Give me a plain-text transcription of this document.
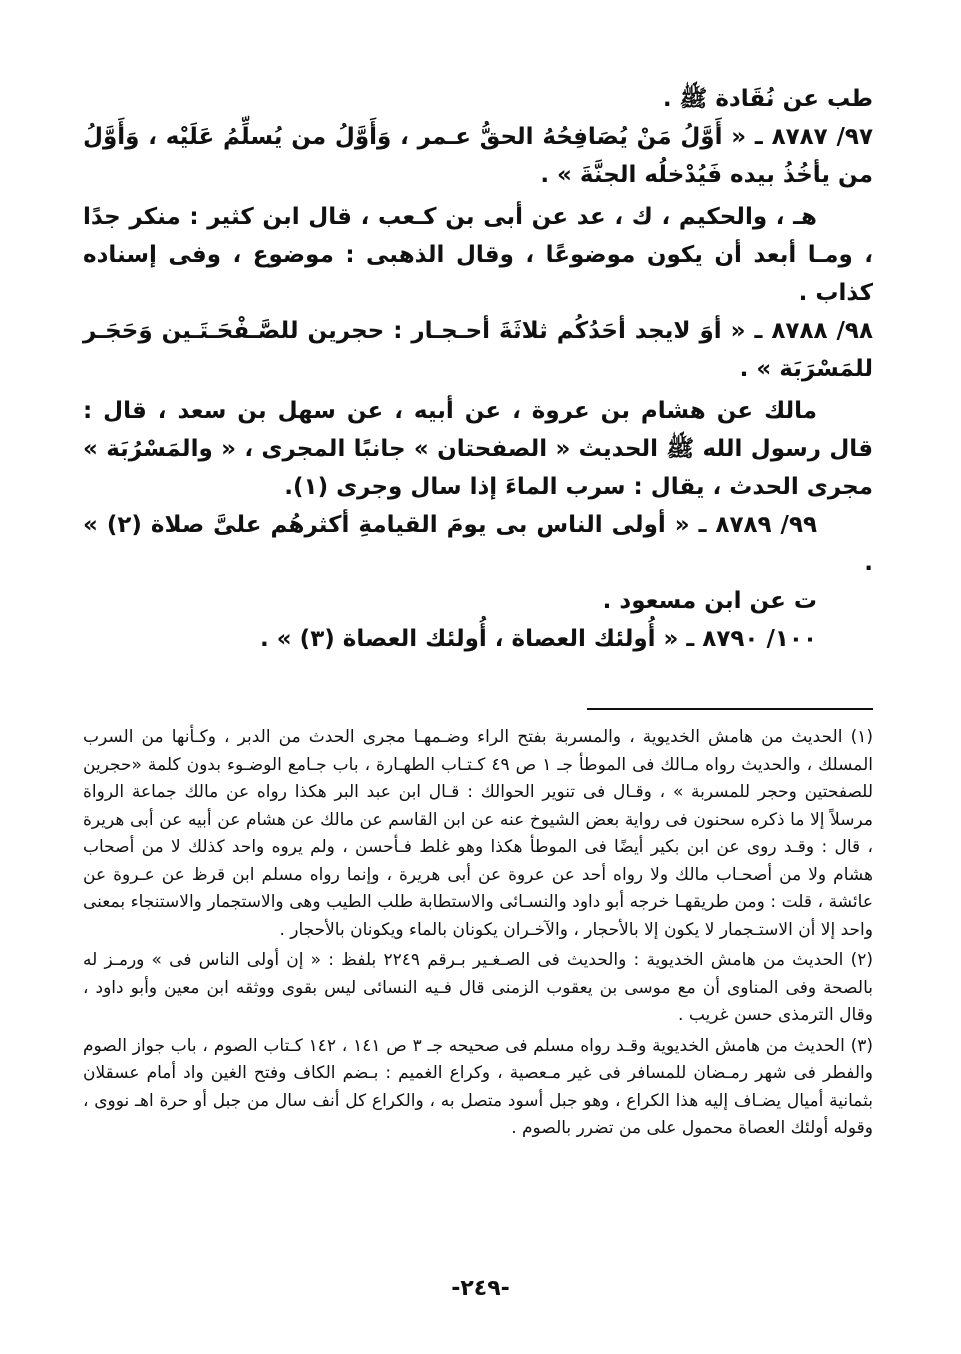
طب عن نُقَادة ﷺ .

٩٧/ ٨٧٨٧ ـ « أَوَّلُ مَنْ يُصَافِحُهُ الحقُّ عـمر ، وَأَوَّلُ من يُسلِّمُ عَلَيْه ، وَأَوَّلُ من يأخُذُ بيده فَيُدْخلُه الجنَّةَ » .

هـ ، والحكيم ، ك ، عد عن أبى بن كـعب ، قال ابن كثير : منكر جدًا ، ومـا أبعد أن يكون موضوعًا ، وقال الذهبى : موضوع ، وفى إسناده كذاب .

٩٨/ ٨٧٨٨ ـ « أوَ لايجد أحَدُكُم ثلاثَةَ أحـجـار : حجرين للصَّـفْحَـتَـين وَحَجَـر للمَسْرَبَة » .

مالك عن هشام بن عروة ، عن أبيه ، عن سهل بن سعد ، قال : قال رسول الله ﷺ الحديث « الصفحتان » جانبًا المجرى ، « والمَسْرُبَة » مجرى الحدث ، يقال : سرب الماءَ إذا سال وجرى (١).

٩٩/ ٨٧٨٩ ـ « أولى الناس بى يومَ القيامةِ أكثرهُم علىَّ صلاة (٢) » .

ت عن ابن مسعود .

١٠٠/ ٨٧٩٠ ـ « أُولئك العصاة ، أُولئك العصاة (٣) » .

(١) الحديث من هامش الخديوية ، والمسربة بفتح الراء وضـمهـا مجرى الحدث من الدبر ، وكـأنها من السرب المسلك ، والحديث رواه مـالك فى الموطأ جـ ١ ص ٤٩ كـتـاب الطهـارة ، باب جـامع الوضـوء بدون كلمة «حجرين للصفحتين وحجر للمسربة » ، وقـال فى تنوير الحوالك : قـال ابن عبد البر هكذا رواه عن مالك جماعة الرواة مرسلاً إلا ما ذكره سحنون فى رواية بعض الشيوخ عنه عن ابن القاسم عن مالك عن هشام عن أبيه عن أبى هريرة ، قال : وقـد روى عن ابن بكير أيضًا فى الموطأ هكذا وهو غلط فـأحسن ، ولم يروه واحد كذلك لا من أصحاب هشام ولا من أصحـاب مالك ولا رواه أحد عن عروة عن أبى هريرة ، وإنما رواه مسلم ابن قرظ عن عـروة عن عائشة ، قلت : ومن طريقهـا خرجه أبو داود والنسـائى والاستطابة طلب الطيب وهى والاستجمار والاستنجاء بمعنى واحد إلا أن الاستـجمار لا يكون إلا بالأحجار ، والآخـران يكونان بالماء ويكونان بالأحجار .

(٢) الحديث من هامش الخديوية : والحديث فى الصـغـير بـرقم ٢٢٤٩ بلفظ : « إن أولى الناس فى » ورمـز له بالصحة وفى المناوى أن مع موسى بن يعقوب الزمنى قال فـيه النسائى ليس بقوى ووثقه ابن معين وأبو داود ، وقال الترمذى حسن غريب .

(٣) الحديث من هامش الخديوية وقـد رواه مسلم فى صحيحه جـ ٣ ص ١٤١ ، ١٤٢ كـتاب الصوم ، باب جواز الصوم والفطر فى شهر رمـضان للمسافر فى غير مـعصية ، وكراع الغميم : بـضم الكاف وفتح الغين واد أمام عسقلان بثمانية أميال يضـاف إليه هذا الكراع ، وهو جبل أسود متصل به ، والكراع كل أنف سال من جبل أو حرة اهـ نووى ، وقوله أولئك العصاة محمول على من تضرر بالصوم .

-٢٤٩-
